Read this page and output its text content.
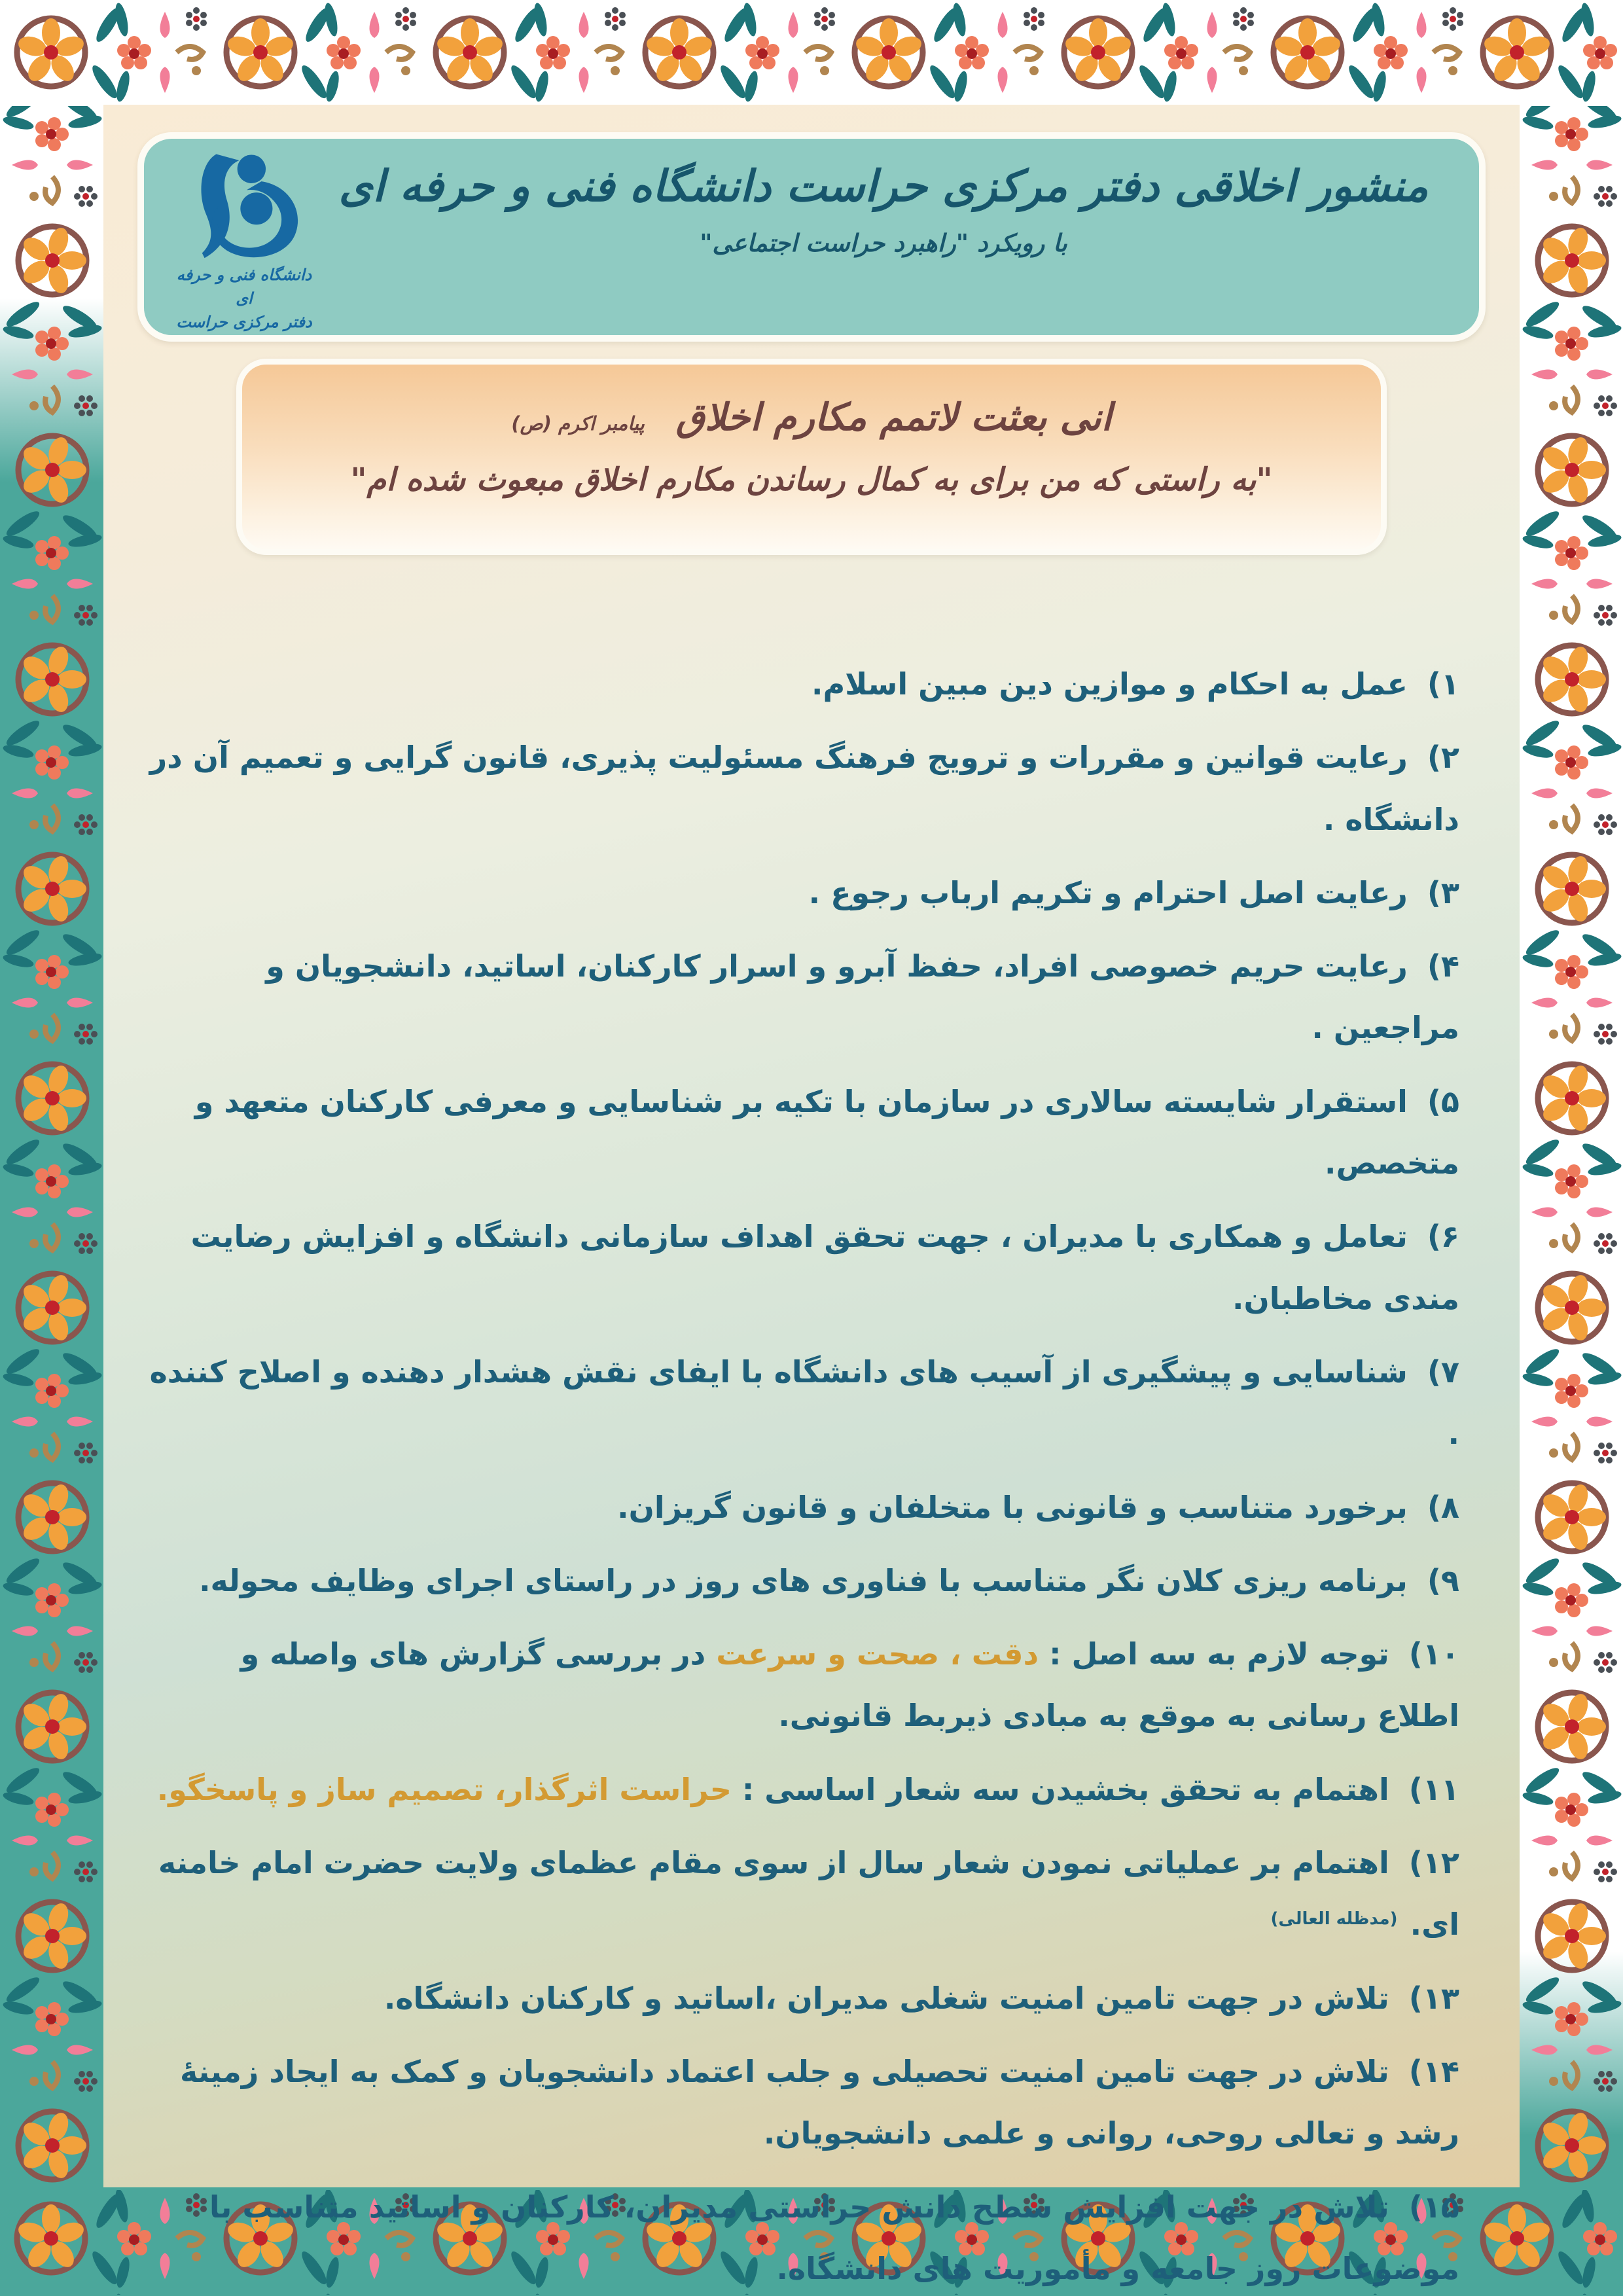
دانشگاه فنی و حرفه ای
دفتر مرکزی حراست
منشور اخلاقی دفتر مرکزی حراست دانشگاه فنی و حرفه ای
با رویکرد "راهبرد حراست اجتماعی"
انی بعثت لاتمم مکارم اخلاق پیامبر اکرم (ص)
"به راستی که من برای به کمال رساندن مکارم اخلاق مبعوث شده ام"
۱) عمل به احکام و موازین دین مبین اسلام.
۲) رعایت قوانین و مقررات و ترویج فرهنگ مسئولیت پذیری، قانون گرایی و تعمیم آن در دانشگاه .
۳) رعایت اصل احترام و تکریم ارباب رجوع .
۴) رعایت حریم خصوصی افراد، حفظ آبرو و اسرار کارکنان، اساتید، دانشجویان و مراجعین .
۵) استقرار شایسته سالاری در سازمان با تکیه بر شناسایی و معرفی کارکنان متعهد و متخصص.
۶) تعامل و همکاری با مدیران ، جهت تحقق اهداف سازمانی دانشگاه و افزایش رضایت مندی مخاطبان.
۷) شناسایی و پیشگیری از آسیب های دانشگاه با ایفای نقش هشدار دهنده و اصلاح کننده .
۸) برخورد متناسب و قانونی با متخلفان و قانون گریزان.
۹) برنامه ریزی کلان نگر متناسب با فناوری های روز در راستای اجرای وظایف محوله.
۱۰) توجه لازم به سه اصل : دقت ، صحت و سرعت در بررسی گزارش های واصله و اطلاع رسانی به موقع به مبادی ذیربط قانونی.
۱۱) اهتمام به تحقق بخشیدن سه شعار اساسی : حراست اثرگذار، تصمیم ساز و پاسخگو.
۱۲) اهتمام بر عملیاتی نمودن شعار سال از سوی مقام عظمای ولایت حضرت امام خامنه ای. $^{(مدظله العالی)}$
۱۳) تلاش در جهت تامین امنیت شغلی مدیران ،اساتید و کارکنان دانشگاه.
۱۴) تلاش در جهت تامین امنیت تحصیلی و جلب اعتماد دانشجویان و کمک به ایجاد زمینهٔ رشد و تعالی روحی، روانی و علمی دانشجویان.
۱۵) تلاش در جهت افزایش سطح دانش حراستی مدیران، کارکنان و اساتید متناسب با موضوعات روز جامعه و مأموریت های دانشگاه.
